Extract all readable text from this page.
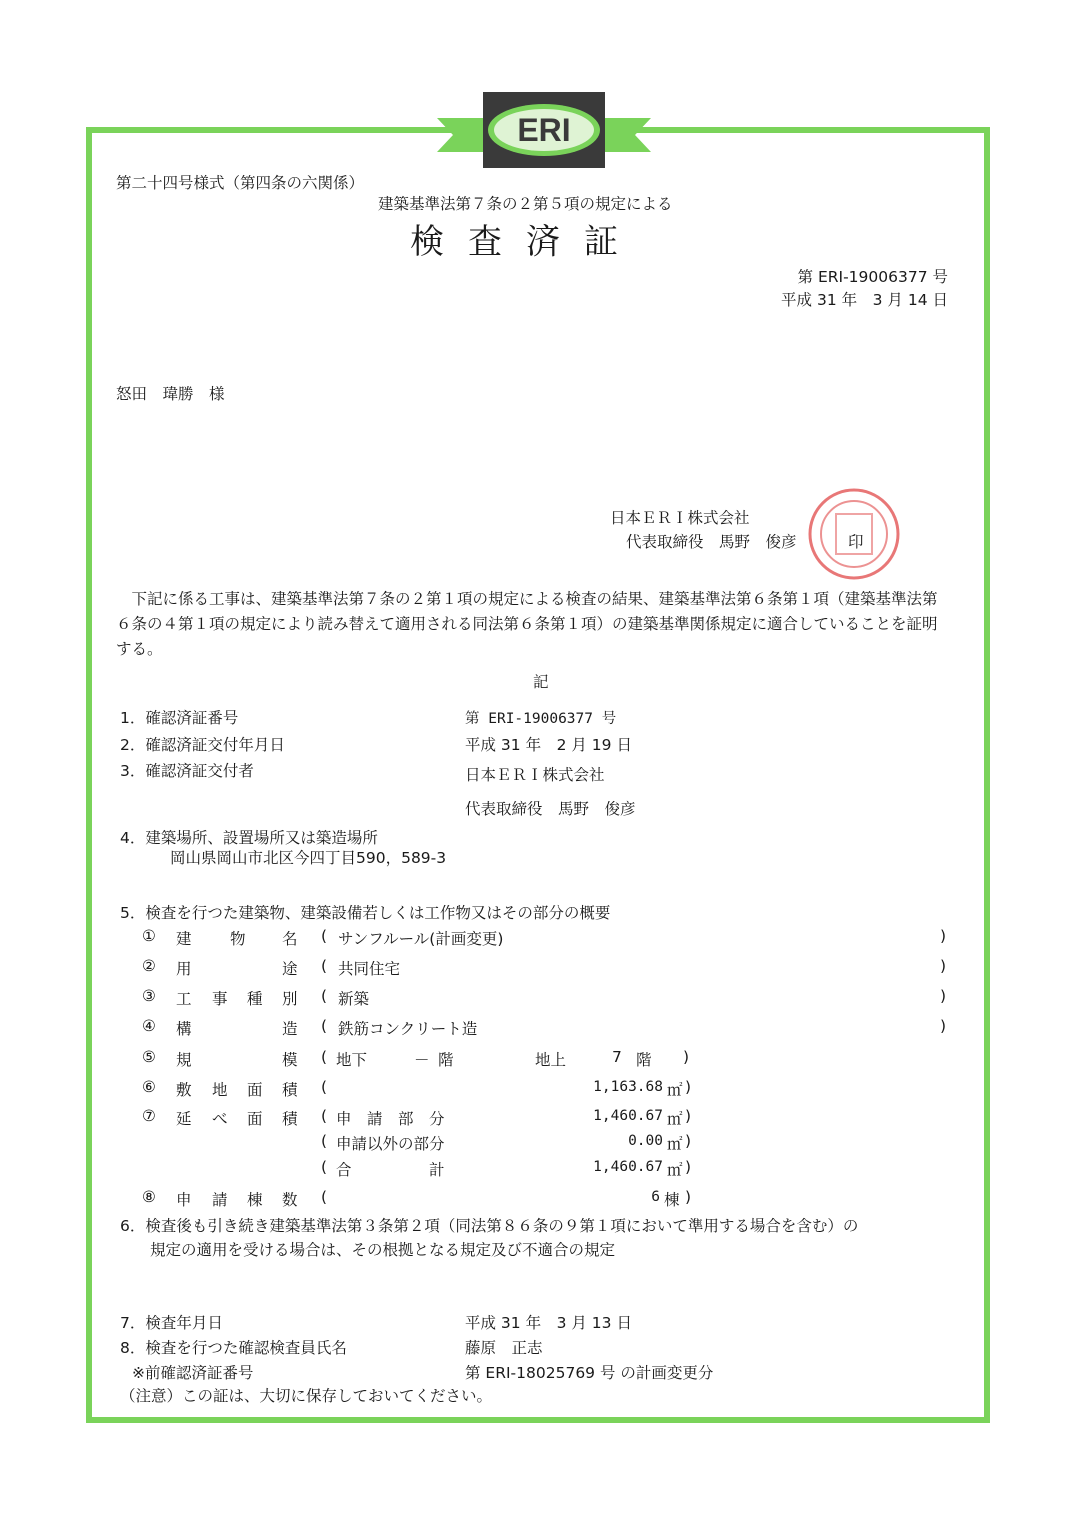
ERI
第二十四号様式（第四条の六関係）
建築基準法第７条の２第５項の規定による
検査済証
第 ERI-19006377 号
平成 31 年　3 月 14 日
怒田　瑋勝　様
日本ＥＲＩ株式会社
代表取締役　馬野　俊彦	印
下記に係る工事は、建築基準法第７条の２第１項の規定による検査の結果、建築基準法第６条第１項（建築基準法第６条の４第１項の規定により読み替えて適用される同法第６条第１項）の建築基準関係規定に適合していることを証明する。
記
1．確認済証番号	第 ERI-19006377 号
2．確認済証交付年月日	平成 31 年　2 月 19 日
3．確認済証交付者	日本ＥＲＩ株式会社
代表取締役　馬野　俊彦
4．建築場所、設置場所又は築造場所
岡山県岡山市北区今四丁目590，589-3
5．検査を行つた建築物、建築設備若しくは工作物又はその部分の概要
① 建 物 名 ( サンフルール(計画変更)	)
② 用	途 ( 共同住宅	)
③ 工 事 種 別 ( 新築	)
④ 構	造 ( 鉄筋コンクリート造	)
⑤ 規	模 ( 地下	－ 階	地上	7 階 )
⑥ 敷 地 面 積 (	1,163.68 ㎡ )
⑦ 延 べ 面 積 ( 申　請　部　分	1,460.67 ㎡ )
( 申請以外の部分	0.00 ㎡ )
( 合　　　　　計	1,460.67 ㎡ )
⑧ 申 請 棟 数 (	6 棟 )
6．検査後も引き続き建築基準法第３条第２項（同法第８６条の９第１項において準用する場合を含む）の
規定の適用を受ける場合は、その根拠となる規定及び不適合の規定
7．検査年月日	平成 31 年　3 月 13 日
8．検査を行つた確認検査員氏名	藤原　正志
※前確認済証番号	第 ERI-18025769 号 の計画変更分
（注意）この証は、大切に保存しておいてください。
